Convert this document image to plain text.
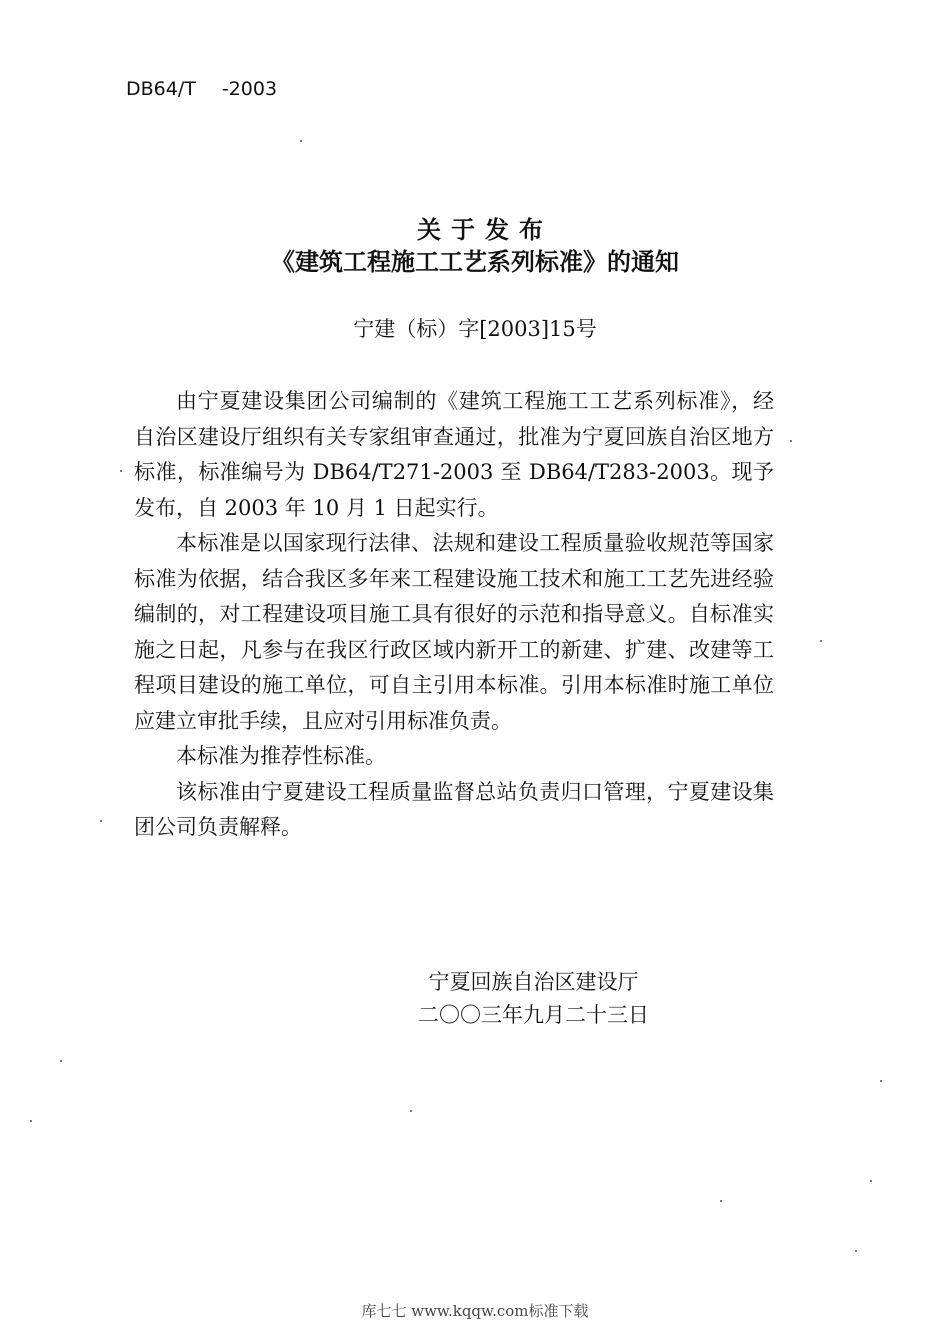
DB64/T -2003
关于发布
《建筑工程施工工艺系列标准》的通知
宁建（标）字[2003]15号

由宁夏建设集团公司编制的《建筑工程施工工艺系列标准》，经自治区建设厅组织有关专家组审查通过，批准为宁夏回族自治区地方标准，标准编号为 DB64/T271-2003 至 DB64/T283-2003。现予发布，自 2003 年 10 月 1 日起实行。

本标准是以国家现行法律、法规和建设工程质量验收规范等国家标准为依据，结合我区多年来工程建设施工技术和施工工艺先进经验编制的，对工程建设项目施工具有很好的示范和指导意义。自标准实施之日起，凡参与在我区行政区域内新开工的新建、扩建、改建等工程项目建设的施工单位，可自主引用本标准。引用本标准时施工单位应建立审批手续，且应对引用标准负责。

本标准为推荐性标准。

该标准由宁夏建设工程质量监督总站负责归口管理，宁夏建设集团公司负责解释。

宁夏回族自治区建设厅
二〇〇三年九月二十三日
库七七 www.kqqw.com标准下载
